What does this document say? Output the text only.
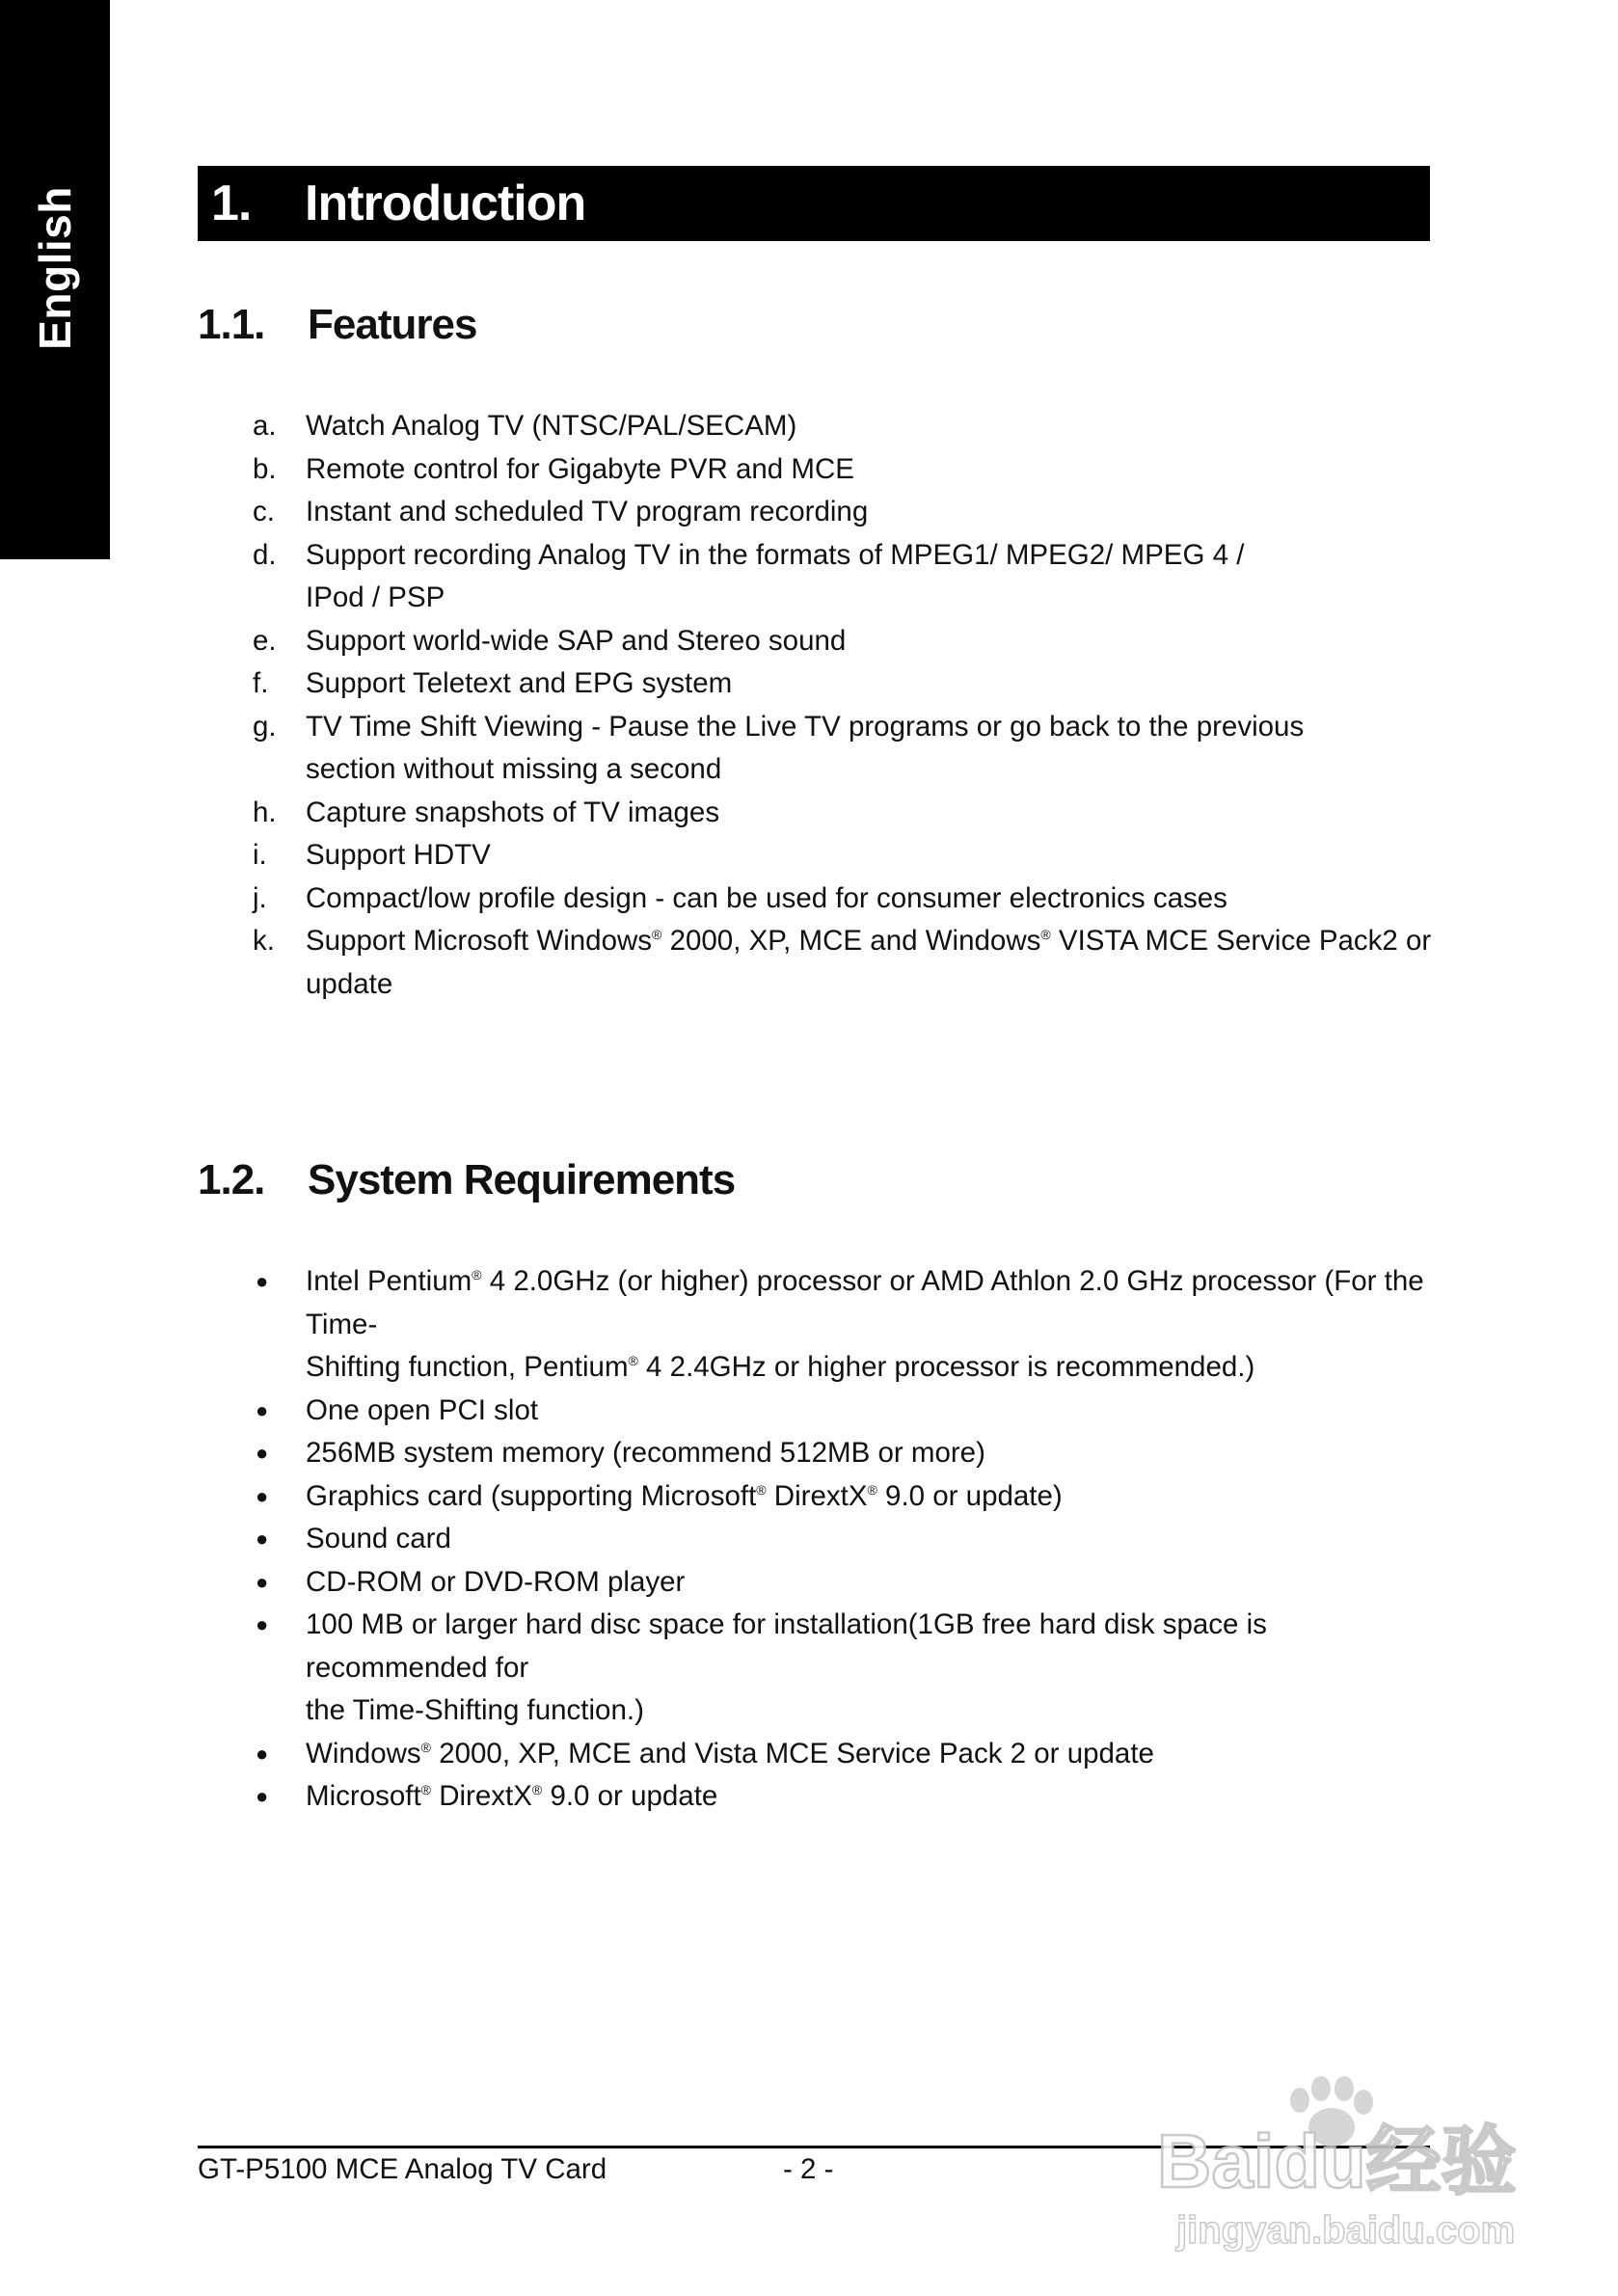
English	1. Introduction
1.1. Features
a. Watch Analog TV (NTSC/PAL/SECAM)
b. Remote control for Gigabyte PVR and MCE
c. Instant and scheduled TV program recording
d. Support recording Analog TV in the formats of MPEG1/ MPEG2/ MPEG 4 /
IPod / PSP
e. Support world-wide SAP and Stereo sound
f. Support Teletext and EPG system
g. TV Time Shift Viewing - Pause the Live TV programs or go back to the previous
section without missing a second
h. Capture snapshots of TV images
i. Support HDTV
j. Compact/low profile design - can be used for consumer electronics cases
k. Support Microsoft Windows® 2000, XP, MCE and Windows® VISTA MCE Service Pack2 or
update
1.2. System Requirements
● Intel Pentium® 4 2.0GHz (or higher) processor or AMD Athlon 2.0 GHz processor (For the Time-
Shifting function, Pentium® 4 2.4GHz or higher processor is recommended.)
● One open PCI slot
● 256MB system memory (recommend 512MB or more)
● Graphics card (supporting Microsoft® DirextX® 9.0 or update)
● Sound card
● CD-ROM or DVD-ROM player
● 100 MB or larger hard disc space for installation(1GB free hard disk space is recommended for
the Time-Shifting function.)
● Windows® 2000, XP, MCE and Vista MCE Service Pack 2 or update
● Microsoft® DirextX® 9.0 or update
GT-P5100 MCE Analog TV Card	- 2 -	Baidu经验
jingyan.baidu.com
